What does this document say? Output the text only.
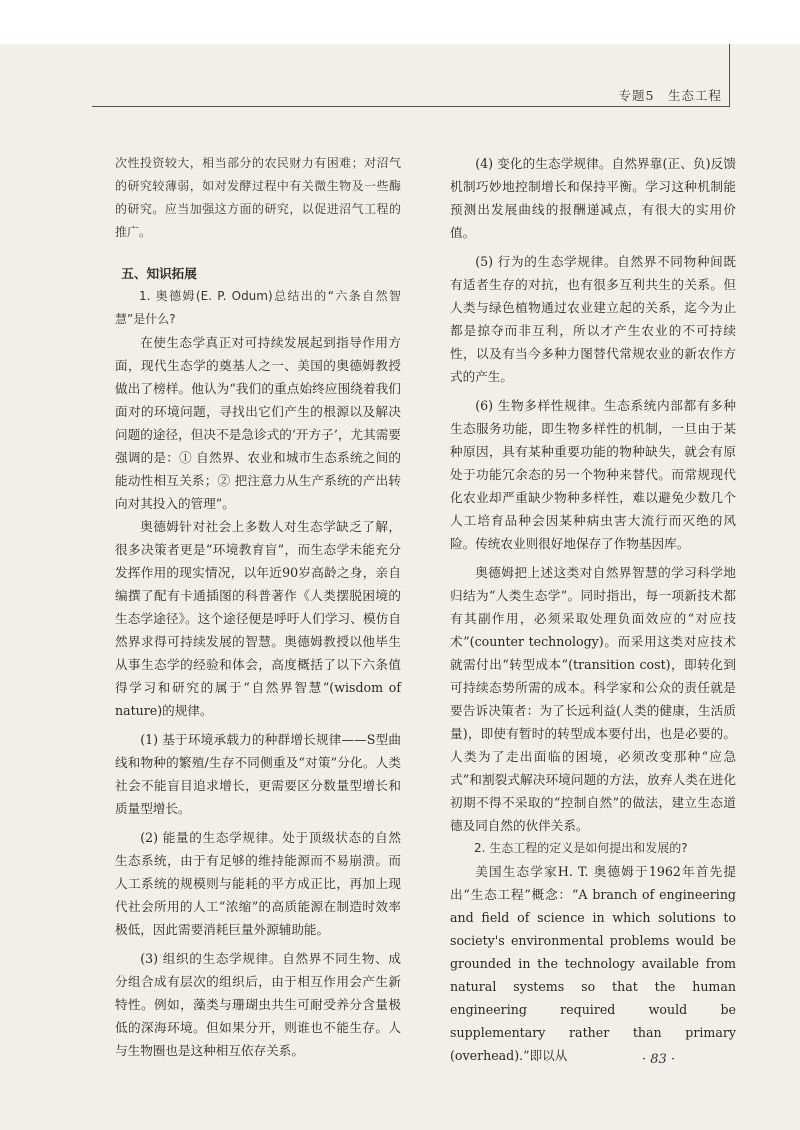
专题5　生态工程

次性投资较大，相当部分的农民财力有困难；对沼气的研究较薄弱，如对发酵过程中有关微生物及一些酶的研究。应当加强这方面的研究，以促进沼气工程的推广。

五、知识拓展

1. 奥德姆(E. P. Odum)总结出的“六条自然智慧”是什么?

在使生态学真正对可持续发展起到指导作用方面，现代生态学的奠基人之一、美国的奥德姆教授做出了榜样。他认为“我们的重点始终应围绕着我们面对的环境问题，寻找出它们产生的根源以及解决问题的途径，但决不是急诊式的‘开方子’，尤其需要强调的是：① 自然界、农业和城市生态系统之间的能动性相互关系；② 把注意力从生产系统的产出转向对其投入的管理”。

奥德姆针对社会上多数人对生态学缺乏了解，很多决策者更是“环境教育盲”，而生态学未能充分发挥作用的现实情况，以年近90岁高龄之身，亲自编撰了配有卡通插图的科普著作《人类摆脱困境的生态学途径》。这个途径便是呼吁人们学习、模仿自然界求得可持续发展的智慧。奥德姆教授以他毕生从事生态学的经验和体会，高度概括了以下六条值得学习和研究的属于“自然界智慧”(wisdom of nature)的规律。

(1) 基于环境承载力的种群增长规律——S型曲线和物种的繁殖/生存不同侧重及“对策”分化。人类社会不能盲目追求增长，更需要区分数量型增长和质量型增长。

(2) 能量的生态学规律。处于顶级状态的自然生态系统，由于有足够的维持能源而不易崩溃。而人工系统的规模则与能耗的平方成正比，再加上现代社会所用的人工“浓缩”的高质能源在制造时效率极低，因此需要消耗巨量外源辅助能。

(3) 组织的生态学规律。自然界不同生物、成分组合成有层次的组织后，由于相互作用会产生新特性。例如，藻类与珊瑚虫共生可耐受养分含量极低的深海环境。但如果分开，则谁也不能生存。人与生物圈也是这种相互依存关系。

(4) 变化的生态学规律。自然界靠(正、负)反馈机制巧妙地控制增长和保持平衡。学习这种机制能预测出发展曲线的报酬递减点，有很大的实用价值。

(5) 行为的生态学规律。自然界不同物种间既有适者生存的对抗，也有很多互利共生的关系。但人类与绿色植物通过农业建立起的关系，迄今为止都是掠夺而非互利，所以才产生农业的不可持续性，以及有当今多种力图替代常规农业的新农作方式的产生。

(6) 生物多样性规律。生态系统内部都有多种生态服务功能，即生物多样性的机制，一旦由于某种原因，具有某种重要功能的物种缺失，就会有原处于功能冗余态的另一个物种来替代。而常规现代化农业却严重缺少物种多样性，难以避免少数几个人工培育品种会因某种病虫害大流行而灭绝的风险。传统农业则很好地保存了作物基因库。

奥德姆把上述这类对自然界智慧的学习科学地归结为“人类生态学”。同时指出，每一项新技术都有其副作用，必须采取处理负面效应的“对应技术”(counter technology)。而采用这类对应技术就需付出“转型成本”(transition cost)，即转化到可持续态势所需的成本。科学家和公众的责任就是要告诉决策者：为了长远利益(人类的健康，生活质量)，即使有暂时的转型成本要付出，也是必要的。人类为了走出面临的困境，必须改变那种“应急式”和割裂式解决环境问题的方法，放弃人类在进化初期不得不采取的“控制自然”的做法，建立生态道德及同自然的伙伴关系。

2. 生态工程的定义是如何提出和发展的?

美国生态学家H. T. 奥德姆于1962年首先提出“生态工程”概念：“A branch of engineering and field of science in which solutions to society's environmental problems would be grounded in the technology available from natural systems so that the human engineering required would be supplementary rather than primary (overhead).”即以从	· 83 ·
